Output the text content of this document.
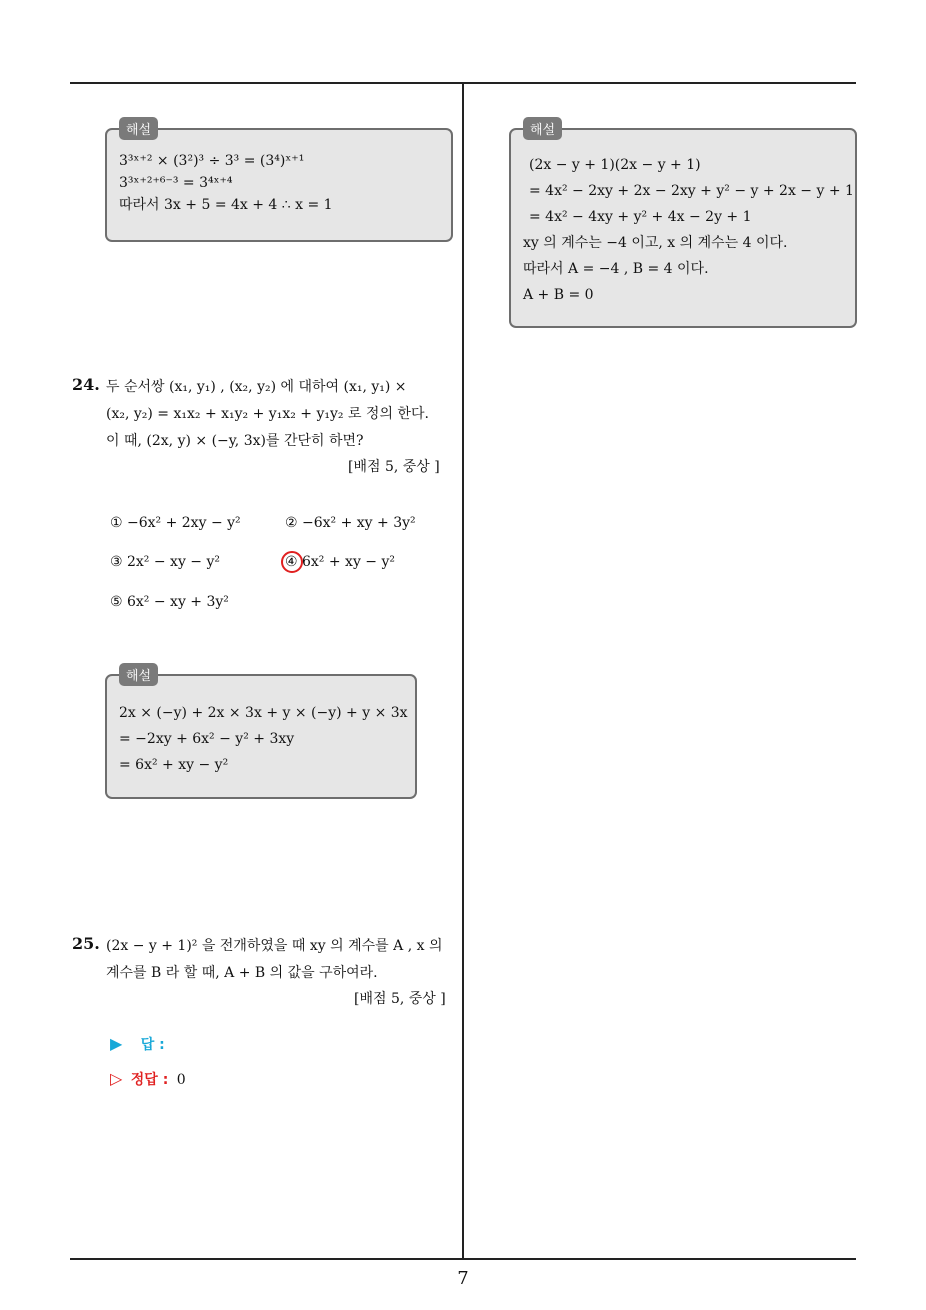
해설
3³ˣ⁺² × (3²)³ ÷ 3³ = (3⁴)ˣ⁺¹
3³ˣ⁺²⁺⁶⁻³ = 3⁴ˣ⁺⁴
따라서 3x + 5 = 4x + 4 ∴ x = 1
해설
(2x − y + 1)(2x − y + 1)
= 4x² − 2xy + 2x − 2xy + y² − y + 2x − y + 1
= 4x² − 4xy + y² + 4x − 2y + 1
xy 의 계수는 −4 이고, x 의 계수는 4 이다.
따라서 A = −4 , B = 4 이다.
A + B = 0
24. 두 순서쌍 (x₁, y₁) , (x₂, y₂) 에 대하여 (x₁, y₁) ×
(x₂, y₂) = x₁x₂ + x₁y₂ + y₁x₂ + y₁y₂ 로 정의 한다.
이 때, (2x, y) × (−y, 3x)를 간단히 하면?
[배점 5, 중상 ]
① −6x² + 2xy − y²	② −6x² + xy + 3y²
③ 2x² − xy − y²	④ 6x² + xy − y²
⑤ 6x² − xy + 3y²
해설
2x × (−y) + 2x × 3x + y × (−y) + y × 3x
= −2xy + 6x² − y² + 3xy
= 6x² + xy − y²
25. (2x − y + 1)² 을 전개하였을 때 xy 의 계수를 A , x 의
계수를 B 라 할 때, A + B 의 값을 구하여라.
[배점 5, 중상 ]
▶ 답 :
▷ 정답 : 0
7
